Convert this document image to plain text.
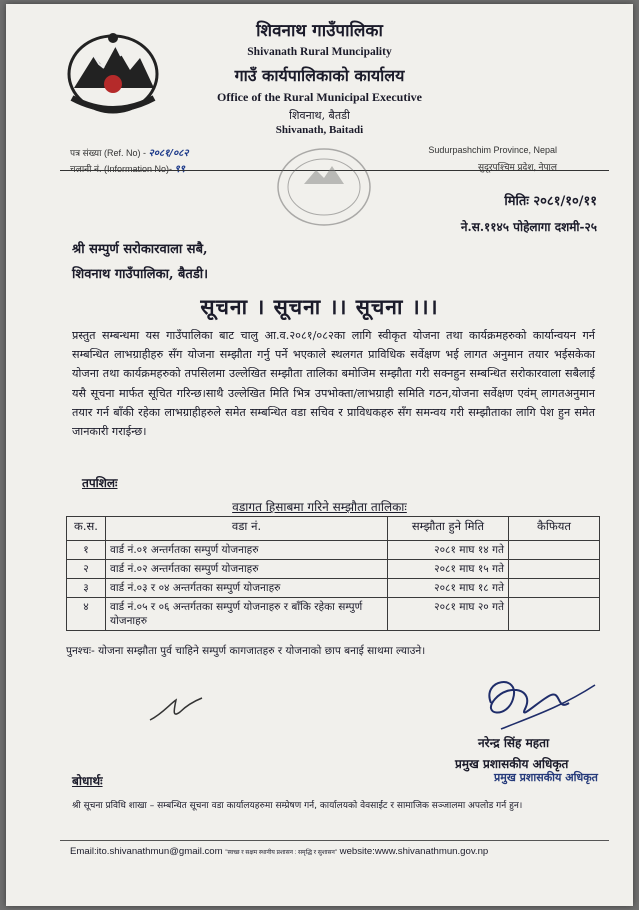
शिवनाथ गाउँपालिका
Shivanath Rural Muncipality
गाउँ कार्यपालिकाको कार्यालय
Office of the Rural Municipal Executive
शिवनाथ, बैतडी
Shivanath, Baitadi
पत्र संख्या (Ref. No) - २०८१/०८२
चलानी नं. (Information No)- ९९
Sudurpashchim Province, Nepal
सुदूरपश्चिम प्रदेश, नेपाल
मितिः २०८१/१०/११
ने.स.११४५ पोहेलागा दशमी-२५
श्री सम्पुर्ण सरोकारवाला सबै,
शिवनाथ गाउँपालिका, बैतडी।
सूचना । सूचना ।। सूचना ।।।
प्रस्तुत सम्बन्धमा यस गाउँपालिका बाट चालु आ.व.२०८१/०८२का लागि स्वीकृत योजना तथा कार्यक्रमहरुको कार्यान्वयन गर्न सम्बन्धित लाभग्राहीहरु सँग योजना सम्झौता गर्नु पर्ने भएकाले स्थलगत प्राविधिक सर्वेक्षण भई लागत अनुमान तयार भईसकेका योजना तथा कार्यक्रमहरुको तपसिलमा उल्लेखित सम्झौता तालिका बमोजिम सम्झौता गरी सक्नहुन सम्बन्धित सरोकारवाला सबैलाई यसै सूचना मार्फत सूचित गरिन्छ।साथै उल्लेखित मिति भित्र उपभोक्ता/लाभग्राही समिति गठन,योजना सर्वेक्षण एवंम् लागतअनुमान तयार गर्न बाँकी रहेका लाभग्राहीहरुले समेत सम्बन्धित वडा सचिव र प्राविधकहरु सँग समन्वय गरी सम्झौताका लागि पेश हुन समेत जानकारी गराईन्छ।
तपशिलः
वडागत हिसाबमा गरिने सम्झौता तालिकाः
क.स.	वडा नं.	सम्झौता हुने मिति	कैफियत
१	वार्ड नं.०१ अन्तर्गतका सम्पुर्ण योजनाहरु	२०८१ माघ १४ गते	
२	वार्ड नं.०२ अन्तर्गतका सम्पुर्ण योजनाहरु	२०८१ माघ १५ गते	
३	वार्ड नं.०३ र ०४ अन्तर्गतका सम्पुर्ण योजनाहरु	२०८१ माघ १८ गते	
४	वार्ड नं.०५ र ०६ अन्तर्गतका सम्पुर्ण योजनाहरु र बाँकि रहेका सम्पुर्ण योजनाहरु	२०८१ माघ २० गते	
पुनश्चः- योजना सम्झौता पुर्व चाहिने सम्पुर्ण कागजातहरु र योजनाको छाप बनाई साथमा ल्याउने।
नरेन्द्र सिंह महता
प्रमुख प्रशासकीय अधिकृत
प्रमुख प्रशासकीय अधिकृत
बोधार्थः
श्री सूचना प्रविधि शाखा – सम्बन्धित सूचना वडा कार्यालयहरुमा सम्प्रेषण गर्न, कार्यालयको वेवसाईट र सामाजिक सञ्जालमा अपलोड गर्न हुन।
Email:ito.shivanathmun@gmail.com "स्वच्छ र सक्षम स्थानीय प्रशासन : समृद्धि र सुशासन" website:www.shivanathmun.gov.np
